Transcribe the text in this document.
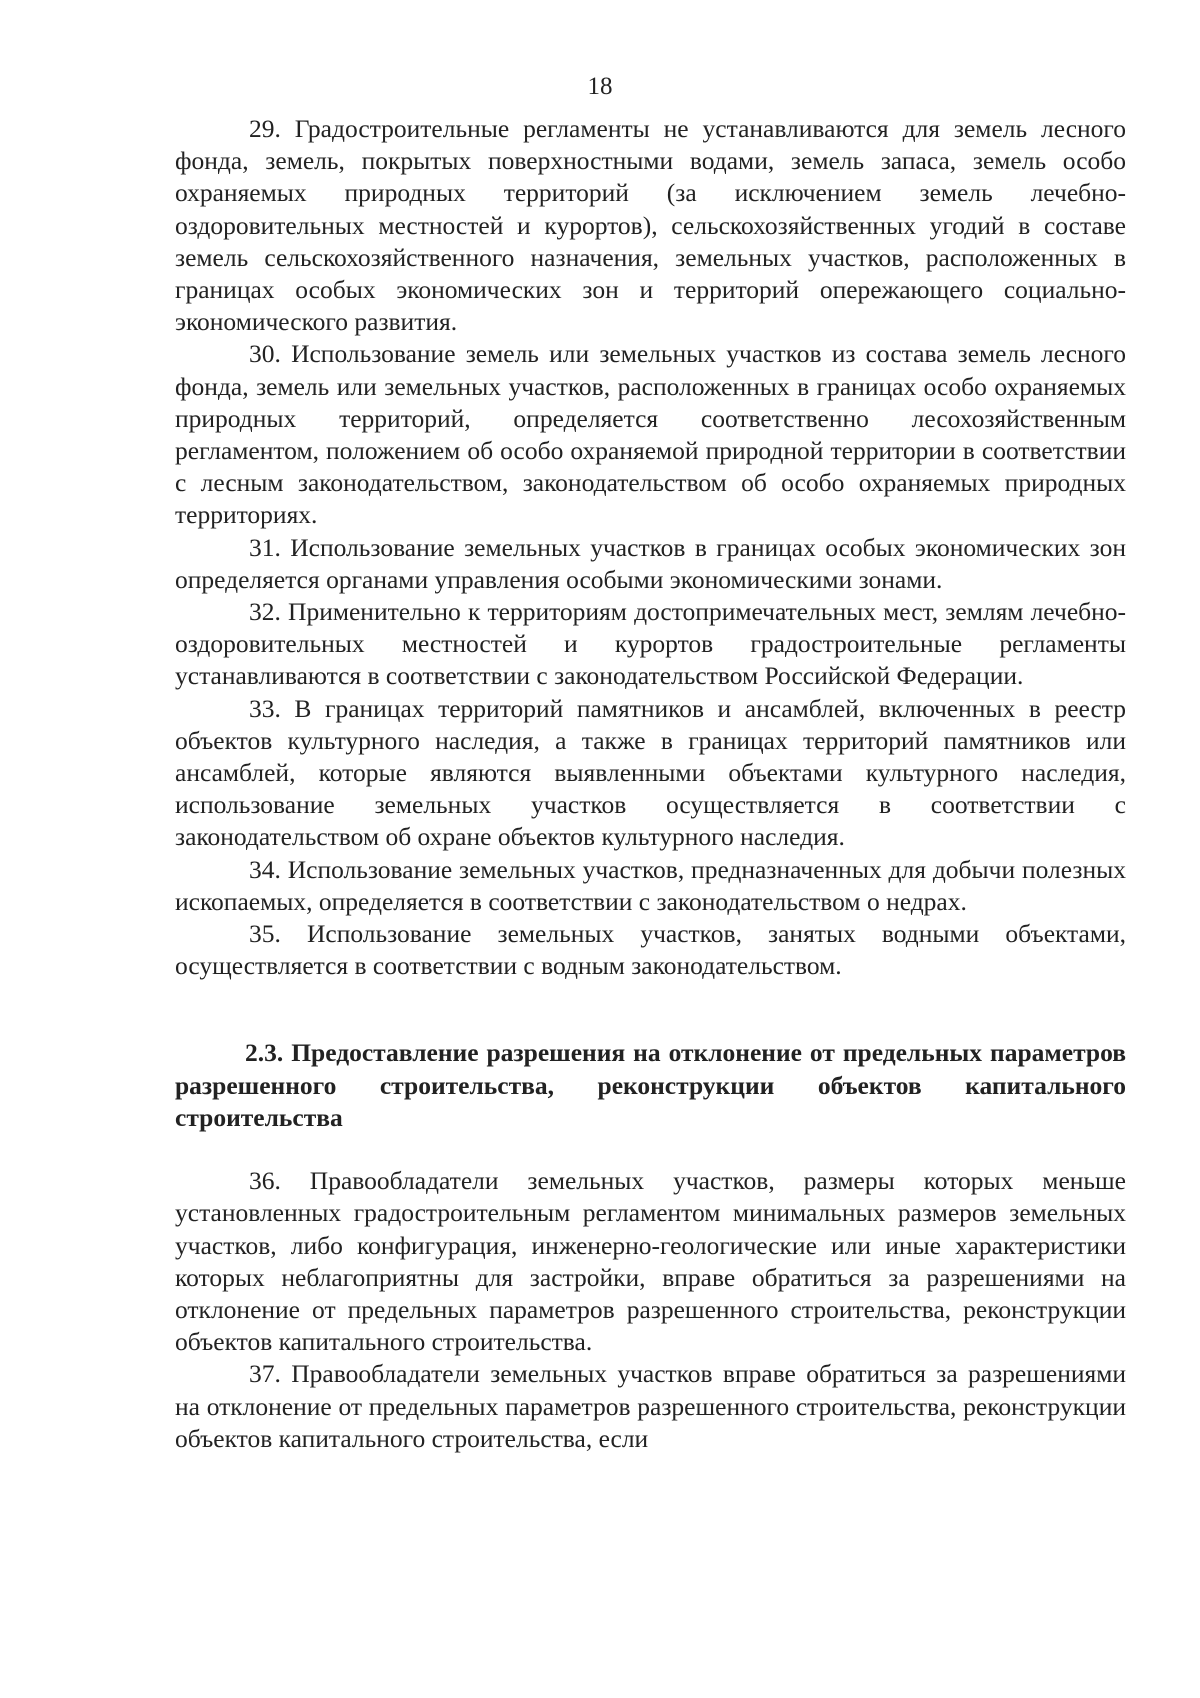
18

29. Градостроительные регламенты не устанавливаются для земель лесного фонда, земель, покрытых поверхностными водами, земель запаса, земель особо охраняемых природных территорий (за исключением земель лечебно-оздоровительных местностей и курортов), сельскохозяйственных угодий в составе земель сельскохозяйственного назначения, земельных участков, расположенных в границах особых экономических зон и территорий опережающего социально-экономического развития.

30. Использование земель или земельных участков из состава земель лесного фонда, земель или земельных участков, расположенных в границах особо охраняемых природных территорий, определяется соответственно лесохозяйственным регламентом, положением об особо охраняемой природной территории в соответствии с лесным законодательством, законодательством об особо охраняемых природных территориях.

31. Использование земельных участков в границах особых экономических зон определяется органами управления особыми экономическими зонами.

32. Применительно к территориям достопримечательных мест, землям лечебно-оздоровительных местностей и курортов градостроительные регламенты устанавливаются в соответствии с законодательством Российской Федерации.

33. В границах территорий памятников и ансамблей, включенных в реестр объектов культурного наследия, а также в границах территорий памятников или ансамблей, которые являются выявленными объектами культурного наследия, использование земельных участков осуществляется в соответствии с законодательством об охране объектов культурного наследия.

34. Использование земельных участков, предназначенных для добычи полезных ископаемых, определяется в соответствии с законодательством о недрах.

35. Использование земельных участков, занятых водными объектами, осуществляется в соответствии с водным законодательством.

2.3. Предоставление разрешения на отклонение от предельных параметров разрешенного строительства, реконструкции объектов капитального строительства

36. Правообладатели земельных участков, размеры которых меньше установленных градостроительным регламентом минимальных размеров земельных участков, либо конфигурация, инженерно-геологические или иные характеристики которых неблагоприятны для застройки, вправе обратиться за разрешениями на отклонение от предельных параметров разрешенного строительства, реконструкции объектов капитального строительства.

37. Правообладатели земельных участков вправе обратиться за разрешениями на отклонение от предельных параметров разрешенного строительства, реконструкции объектов капитального строительства, если
